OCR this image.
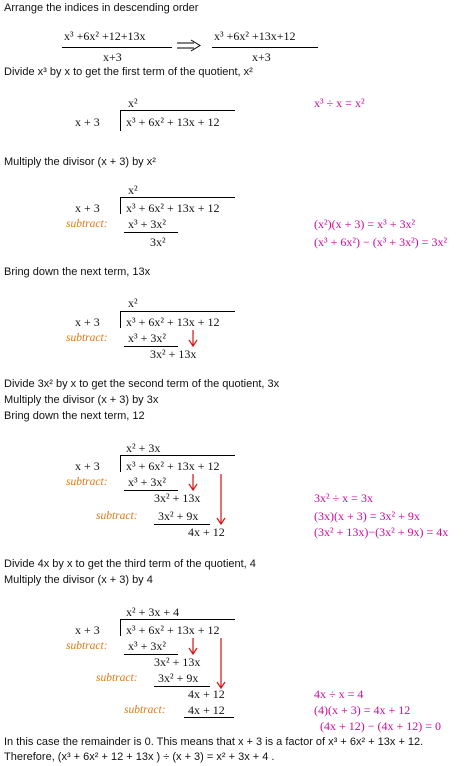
Arrange the indices in descending order
x³ +6x² +12+13x
x+3
x³ +6x² +13x+12
x+3
Divide x³ by x to get the first term of the quotient, x²
x²	x³ ÷ x = x²
x + 3 x³ + 6x² + 13x + 12
Multiply the divisor (x + 3) by x²
x²
x + 3 x³ + 6x² + 13x + 12
subtract: x³ + 3x²
3x²
(x²)(x + 3) = x³ + 3x²
(x³ + 6x²) − (x³ + 3x²) = 3x²
Bring down the next term, 13x
x²
x + 3 x³ + 6x² + 13x + 12
subtract: x³ + 3x²
3x² + 13x
Divide 3x² by x to get the second term of the quotient, 3x
Multiply the divisor (x + 3) by 3x
Bring down the next term, 12
x² + 3x
x + 3 x³ + 6x² + 13x + 12
subtract: x³ + 3x²
3x² + 13x
subtract: 3x² + 9x
4x + 12
3x² ÷ x = 3x
(3x)(x + 3) = 3x² + 9x
(3x² + 13x)−(3x² + 9x) = 4x
Divide 4x by x to get the third term of the quotient, 4
Multiply the divisor (x + 3) by 4
x² + 3x + 4
x + 3 x³ + 6x² + 13x + 12
subtract: x³ + 3x²
3x² + 13x
subtract: 3x² + 9x
4x + 12
subtract: 4x + 12
4x ÷ x = 4
(4)(x + 3) = 4x + 12
(4x + 12) − (4x + 12) = 0
In this case the remainder is 0. This means that x + 3 is a factor of x³ + 6x² + 13x + 12.
Therefore, (x³ + 6x² + 12 + 13x ) ÷ (x + 3) = x² + 3x + 4 .
